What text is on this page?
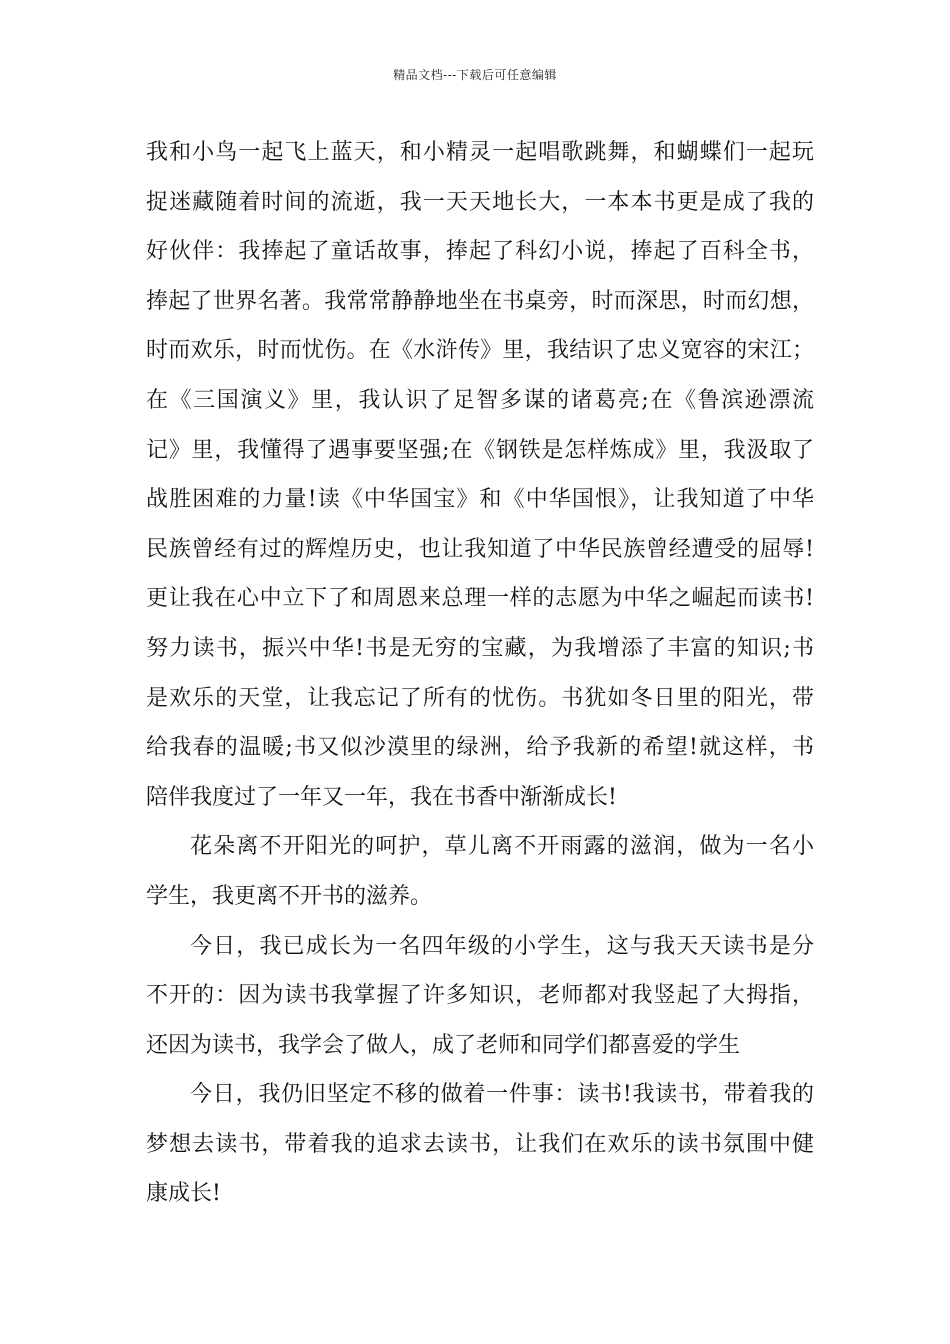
精品文档---下载后可任意编辑
我和小鸟一起飞上蓝天，和小精灵一起唱歌跳舞，和蝴蝶们一起玩
捉迷藏随着时间的流逝，我一天天地长大，一本本书更是成了我的
好伙伴：我捧起了童话故事，捧起了科幻小说，捧起了百科全书，
捧起了世界名著。我常常静静地坐在书桌旁，时而深思，时而幻想，
时而欢乐，时而忧伤。在《水浒传》里，我结识了忠义宽容的宋江；
在《三国演义》里，我认识了足智多谋的诸葛亮;在《鲁滨逊漂流
记》里，我懂得了遇事要坚强;在《钢铁是怎样炼成》里，我汲取了
战胜困难的力量!读《中华国宝》和《中华国恨》，让我知道了中华
民族曾经有过的辉煌历史，也让我知道了中华民族曾经遭受的屈辱!
更让我在心中立下了和周恩来总理一样的志愿为中华之崛起而读书!
努力读书，振兴中华!书是无穷的宝藏，为我增添了丰富的知识;书
是欢乐的天堂，让我忘记了所有的忧伤。书犹如冬日里的阳光，带
给我春的温暖;书又似沙漠里的绿洲，给予我新的希望!就这样，书
陪伴我度过了一年又一年，我在书香中渐渐成长!
花朵离不开阳光的呵护，草儿离不开雨露的滋润，做为一名小
学生，我更离不开书的滋养。
今日，我已成长为一名四年级的小学生，这与我天天读书是分
不开的：因为读书我掌握了许多知识，老师都对我竖起了大拇指，
还因为读书，我学会了做人，成了老师和同学们都喜爱的学生
今日，我仍旧坚定不移的做着一件事：读书!我读书，带着我的
梦想去读书，带着我的追求去读书，让我们在欢乐的读书氛围中健
康成长!
